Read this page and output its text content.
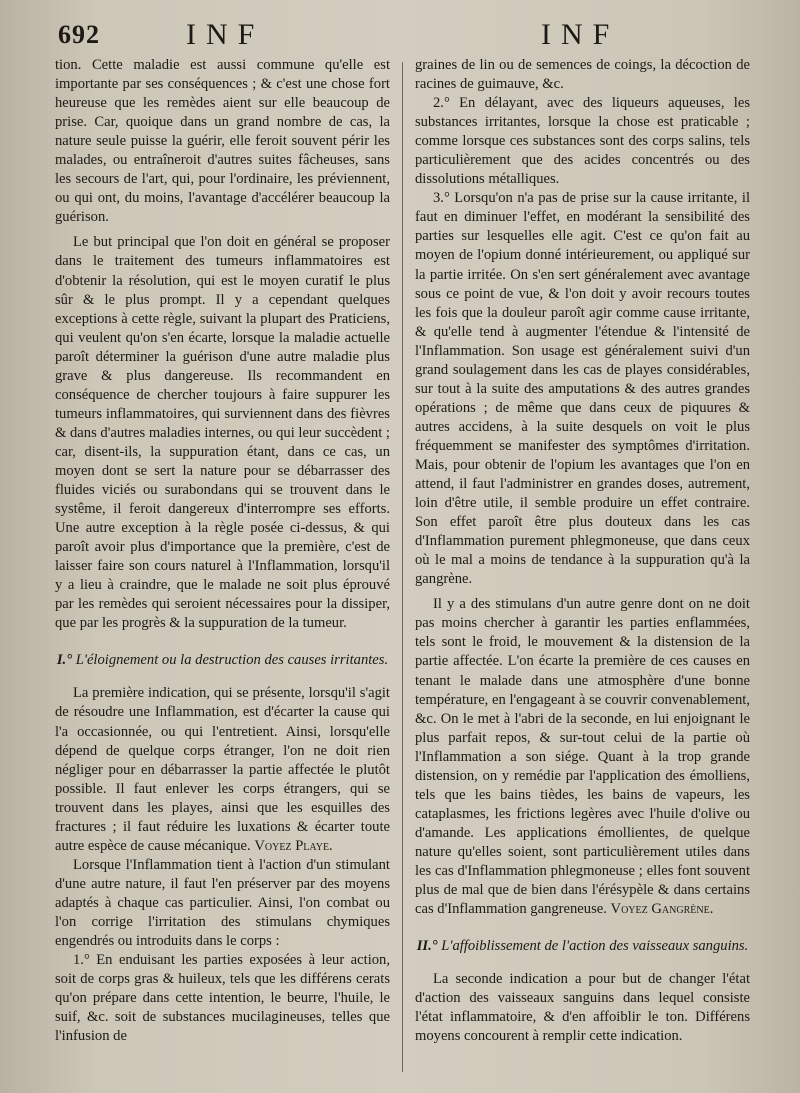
692	INF	INF

tion. Cette maladie est aussi commune qu'elle est importante par ses conséquences ; & c'est une chose fort heureuse que les remèdes aient sur elle beaucoup de prise. Car, quoique dans un grand nombre de cas, la nature seule puisse la guérir, elle feroit souvent périr les malades, ou entraîneroit d'autres suites fâcheuses, sans les secours de l'art, qui, pour l'ordinaire, les préviennent, ou qui ont, du moins, l'avantage d'accélérer beaucoup la guérison.

Le but principal que l'on doit en général se proposer dans le traitement des tumeurs inflammatoires est d'obtenir la résolution, qui est le moyen curatif le plus sûr & le plus prompt. Il y a cependant quelques exceptions à cette règle, suivant la plupart des Praticiens, qui veulent qu'on s'en écarte, lorsque la maladie actuelle paroît déterminer la guérison d'une autre maladie plus grave & plus dangereuse. Ils recommandent en conséquence de chercher toujours à faire suppurer les tumeurs inflammatoires, qui surviennent dans des fièvres & dans d'autres maladies internes, ou qui leur succèdent ; car, disent-ils, la suppuration étant, dans ce cas, un moyen dont se sert la nature pour se débarrasser des fluides viciés ou surabondans qui se trouvent dans le systême, il feroit dangereux d'interrompre ses efforts. Une autre exception à la règle posée ci-dessus, & qui paroît avoir plus d'importance que la première, c'est de laisser faire son cours naturel à l'Inflammation, lorsqu'il y a lieu à craindre, que le malade ne soit plus éprouvé par les remèdes qui seroient nécessaires pour la dissiper, que par les progrès & la suppuration de la tumeur.

I.° L'éloignement ou la destruction des causes irritantes.

La première indication, qui se présente, lorsqu'il s'agit de résoudre une Inflammation, est d'écarter la cause qui l'a occasionnée, ou qui l'entretient. Ainsi, lorsqu'elle dépend de quelque corps étranger, l'on ne doit rien négliger pour en débarrasser la partie affectée le plutôt possible. Il faut enlever les corps étrangers, qui se trouvent dans les playes, ainsi que les esquilles des fractures ; il faut réduire les luxations & écarter toute autre espèce de cause mécanique. Voyez Playe.

Lorsque l'Inflammation tient à l'action d'un stimulant d'une autre nature, il faut l'en préserver par des moyens adaptés à chaque cas particulier. Ainsi, l'on combat ou l'on corrige l'irritation des stimulans chymiques engendrés ou introduits dans le corps :

1.° En enduisant les parties exposées à leur action, soit de corps gras & huileux, tels que les différens cerats qu'on prépare dans cette intention, le beurre, l'huile, le suif, &c. soit de substances mucilagineuses, telles que l'infusion de

graines de lin ou de semences de coings, la décoction de racines de guimauve, &c.

2.° En délayant, avec des liqueurs aqueuses, les substances irritantes, lorsque la chose est praticable ; comme lorsque ces substances sont des corps salins, tels particulièrement que des acides concentrés ou des dissolutions métalliques.

3.° Lorsqu'on n'a pas de prise sur la cause irritante, il faut en diminuer l'effet, en modérant la sensibilité des parties sur lesquelles elle agit. C'est ce qu'on fait au moyen de l'opium donné intérieurement, ou appliqué sur la partie irritée. On s'en sert généralement avec avantage sous ce point de vue, & l'on doit y avoir recours toutes les fois que la douleur paroît agir comme cause irritante, & qu'elle tend à augmenter l'étendue & l'intensité de l'Inflammation. Son usage est généralement suivi d'un grand soulagement dans les cas de playes considérables, sur tout à la suite des amputations & des autres grandes opérations ; de même que dans ceux de piquures & autres accidens, à la suite desquels on voit le plus fréquemment se manifester des symptômes d'irritation. Mais, pour obtenir de l'opium les avantages que l'on en attend, il faut l'administrer en grandes doses, autrement, loin d'être utile, il semble produire un effet contraire. Son effet paroît être plus douteux dans les cas d'Inflammation purement phlegmoneuse, que dans ceux où le mal a moins de tendance à la suppuration qu'à la gangrène.

Il y a des stimulans d'un autre genre dont on ne doit pas moins chercher à garantir les parties enflammées, tels sont le froid, le mouvement & la distension de la partie affectée. L'on écarte la première de ces causes en tenant le malade dans une atmosphère d'une bonne température, en l'engageant à se couvrir convenablement, &c. On le met à l'abri de la seconde, en lui enjoignant le plus parfait repos, & sur-tout celui de la partie où l'Inflammation a son siége. Quant à la trop grande distension, on y remédie par l'application des émolliens, tels que les bains tièdes, les bains de vapeurs, les cataplasmes, les frictions legères avec l'huile d'olive ou d'amande. Les applications émollientes, de quelque nature qu'elles soient, sont particulièrement utiles dans les cas d'Inflammation phlegmoneuse ; elles font souvent plus de mal que de bien dans l'érésypèle & dans certains cas d'Inflammation gangreneuse. Voyez Gangrène.

II.° L'affoiblissement de l'action des vaisseaux sanguins.

La seconde indication a pour but de changer l'état d'action des vaisseaux sanguins dans lequel consiste l'état inflammatoire, & d'en affoiblir le ton. Différens moyens concourent à remplir cette indication.
